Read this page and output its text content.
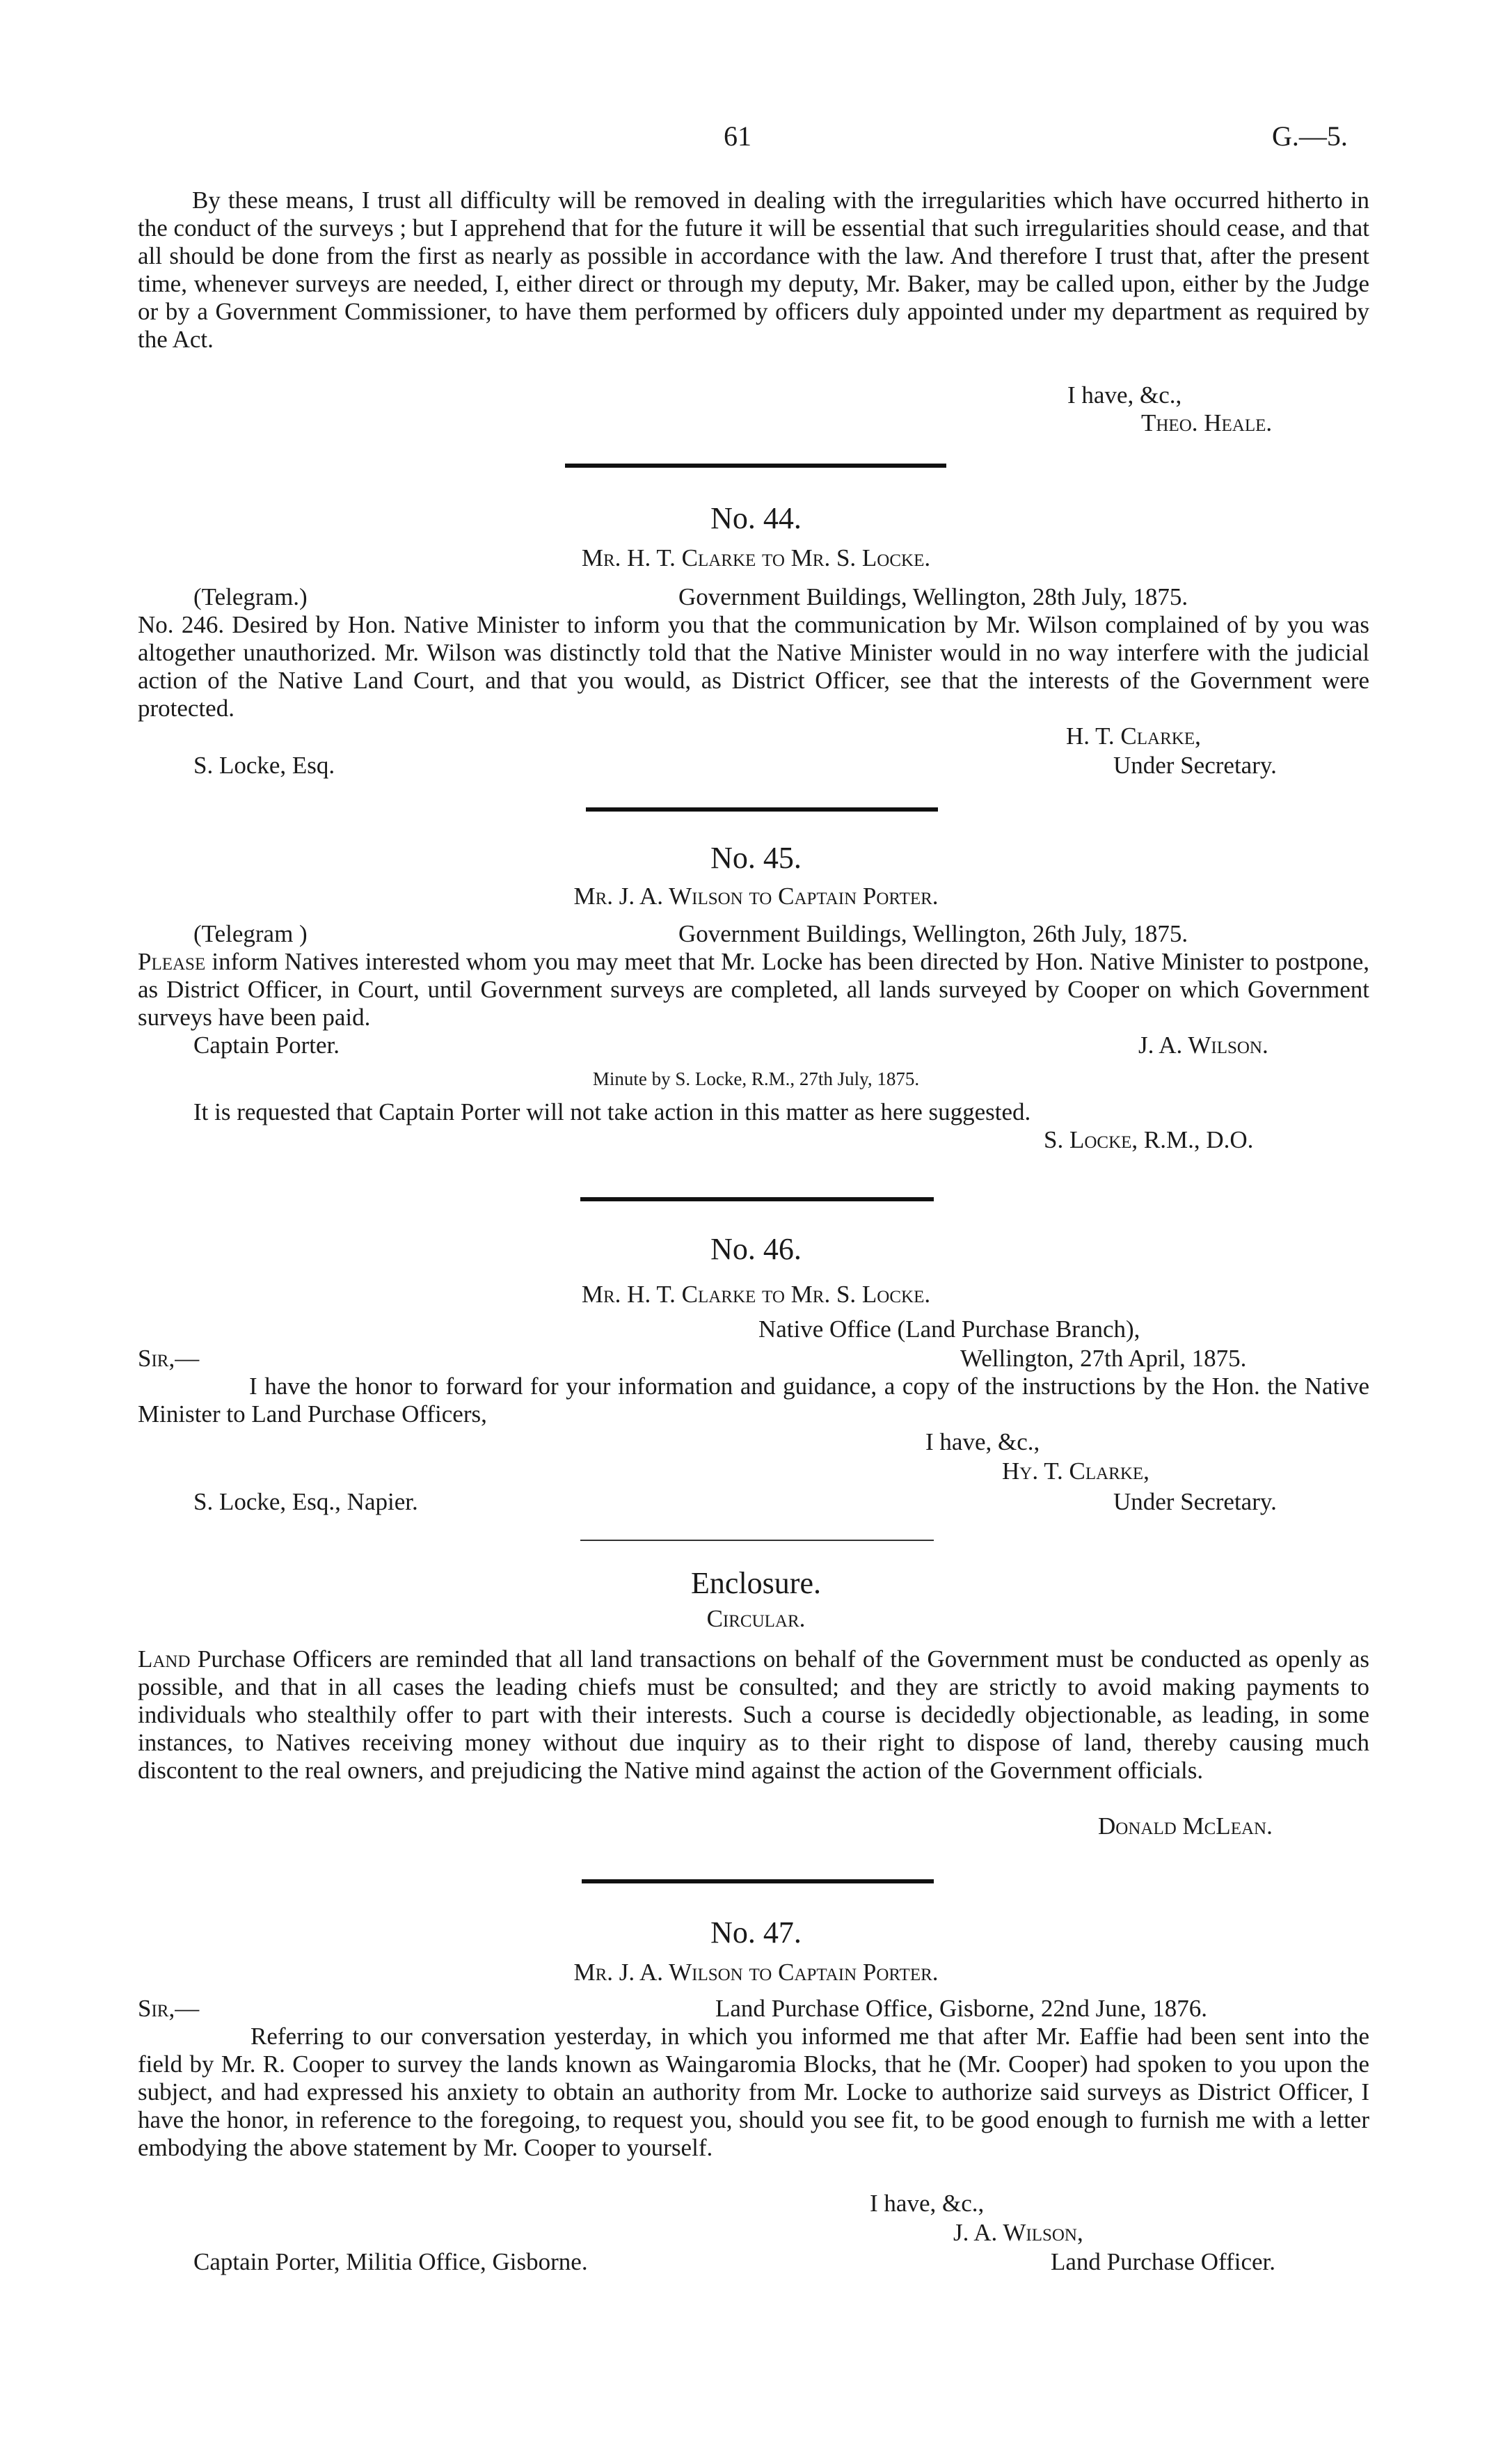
61	G.—5.

By these means, I trust all difficulty will be removed in dealing with the irregularities which have occurred hitherto in the conduct of the surveys ; but I apprehend that for the future it will be essential that such irregularities should cease, and that all should be done from the first as nearly as possible in accordance with the law. And therefore I trust that, after the present time, whenever surveys are needed, I, either direct or through my deputy, Mr. Baker, may be called upon, either by the Judge or by a Government Commissioner, to have them performed by officers duly appointed under my department as required by the Act.

I have, &c.,
Theo. Heale.
No. 44.
Mr. H. T. Clarke to Mr. S. Locke.
(Telegram.)	Government Buildings, Wellington, 28th July, 1875.

No. 246. Desired by Hon. Native Minister to inform you that the communication by Mr. Wilson complained of by you was altogether unauthorized. Mr. Wilson was distinctly told that the Native Minister would in no way interfere with the judicial action of the Native Land Court, and that you would, as District Officer, see that the interests of the Government were protected.

H. T. Clarke,
S. Locke, Esq.	Under Secretary.
No. 45.
Mr. J. A. Wilson to Captain Porter.
(Telegram )	Government Buildings, Wellington, 26th July, 1875.

Please inform Natives interested whom you may meet that Mr. Locke has been directed by Hon. Native Minister to postpone, as District Officer, in Court, until Government surveys are completed, all lands surveyed by Cooper on which Government surveys have been paid.

Captain Porter.	J. A. Wilson.
Minute by S. Locke, R.M., 27th July, 1875.
It is requested that Captain Porter will not take action in this matter as here suggested.
S. Locke, R.M., D.O.
No. 46.
Mr. H. T. Clarke to Mr. S. Locke.
Native Office (Land Purchase Branch),
Sir,—	Wellington, 27th April, 1875.

I have the honor to forward for your information and guidance, a copy of the instructions by the Hon. the Native Minister to Land Purchase Officers,

I have, &c.,
Hy. T. Clarke,
S. Locke, Esq., Napier.	Under Secretary.
Enclosure.
Circular.

Land Purchase Officers are reminded that all land transactions on behalf of the Government must be conducted as openly as possible, and that in all cases the leading chiefs must be consulted; and they are strictly to avoid making payments to individuals who stealthily offer to part with their interests. Such a course is decidedly objectionable, as leading, in some instances, to Natives receiving money without due inquiry as to their right to dispose of land, thereby causing much discontent to the real owners, and prejudicing the Native mind against the action of the Government officials.

Donald McLean.
No. 47.
Mr. J. A. Wilson to Captain Porter.
Sir,—	Land Purchase Office, Gisborne, 22nd June, 1876.

Referring to our conversation yesterday, in which you informed me that after Mr. Eaffie had been sent into the field by Mr. R. Cooper to survey the lands known as Waingaromia Blocks, that he (Mr. Cooper) had spoken to you upon the subject, and had expressed his anxiety to obtain an authority from Mr. Locke to authorize said surveys as District Officer, I have the honor, in reference to the foregoing, to request you, should you see fit, to be good enough to furnish me with a letter embodying the above statement by Mr. Cooper to yourself.

I have, &c.,
J. A. Wilson,
Captain Porter, Militia Office, Gisborne.	Land Purchase Officer.
